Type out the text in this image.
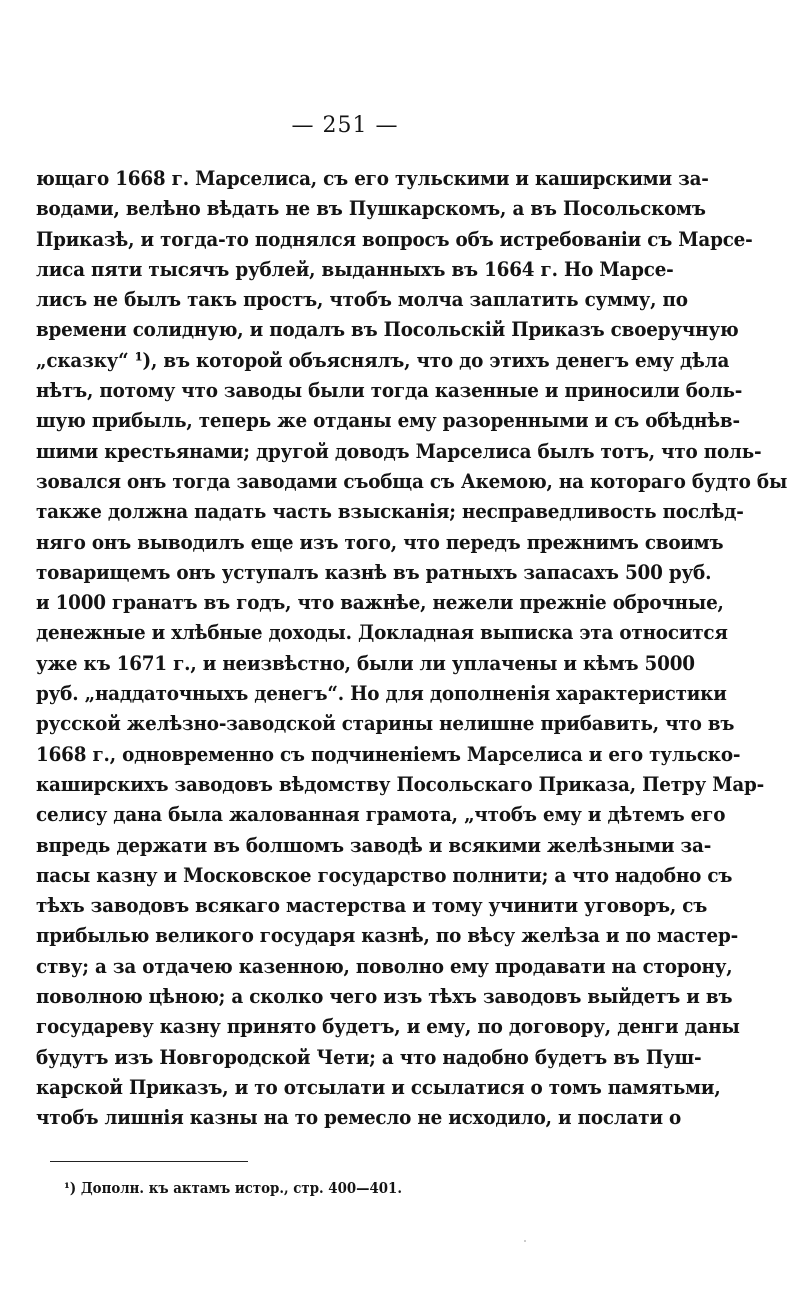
— 251 —
ющаго 1668 г. Марселиса, съ его тульскими и каширскими за-
водами, велѣно вѣдать не въ Пушкарскомъ, а въ Посольскомъ
Приказѣ, и тогда-то поднялся вопросъ объ истребованіи съ Марсе-
лиса пяти тысячъ рублей, выданныхъ въ 1664 г. Но Марсе-
лисъ не былъ такъ простъ, чтобъ молча заплатить сумму, по
времени солидную, и подалъ въ Посольскій Приказъ своеручную
„сказку“ ¹), въ которой объяснялъ, что до этихъ денегъ ему дѣла
нѣтъ, потому что заводы были тогда казенные и приносили боль-
шую прибыль, теперь же отданы ему разоренными и съ обѣднѣв-
шими крестьянами; другой доводъ Марселиса былъ тотъ, что поль-
зовался онъ тогда заводами съобща съ Акемою, на котораго будто бы
также должна падать часть взысканія; несправедливость послѣд-
няго онъ выводилъ еще изъ того, что передъ прежнимъ своимъ
товарищемъ онъ уступалъ казнѣ въ ратныхъ запасахъ 500 руб.
и 1000 гранатъ въ годъ, что важнѣе, нежели прежніе оброчные,
денежные и хлѣбные доходы. Докладная выписка эта относится
уже къ 1671 г., и неизвѣстно, были ли уплачены и кѣмъ 5000
руб. „наддаточныхъ денегъ“. Но для дополненія характеристики
русской желѣзно-заводской старины нелишне прибавить, что въ
1668 г., одновременно съ подчиненіемъ Марселиса и его тульско-
каширскихъ заводовъ вѣдомству Посольскаго Приказа, Петру Мар-
селису дана была жалованная грамота, „чтобъ ему и дѣтемъ его
впредь держати въ болшомъ заводѣ и всякими желѣзными за-
пасы казну и Московское государство полнити; а что надобно съ
тѣхъ заводовъ всякаго мастерства и тому учинити уговоръ, съ
прибылью великого государя казнѣ, по вѣсу желѣза и по мастер-
ству; а за отдачею казенною, поволно ему продавати на сторону,
поволною цѣною; а сколко чего изъ тѣхъ заводовъ выйдетъ и въ
государеву казну принято будетъ, и ему, по договору, денги даны
будутъ изъ Новгородской Чети; а что надобно будетъ въ Пуш-
карской Приказъ, и то отсылати и ссылатися о томъ памятьми,
чтобъ лишнія казны на то ремесло не исходило, и послати о
¹) Дополн. къ актамъ истор., стр. 400—401.
